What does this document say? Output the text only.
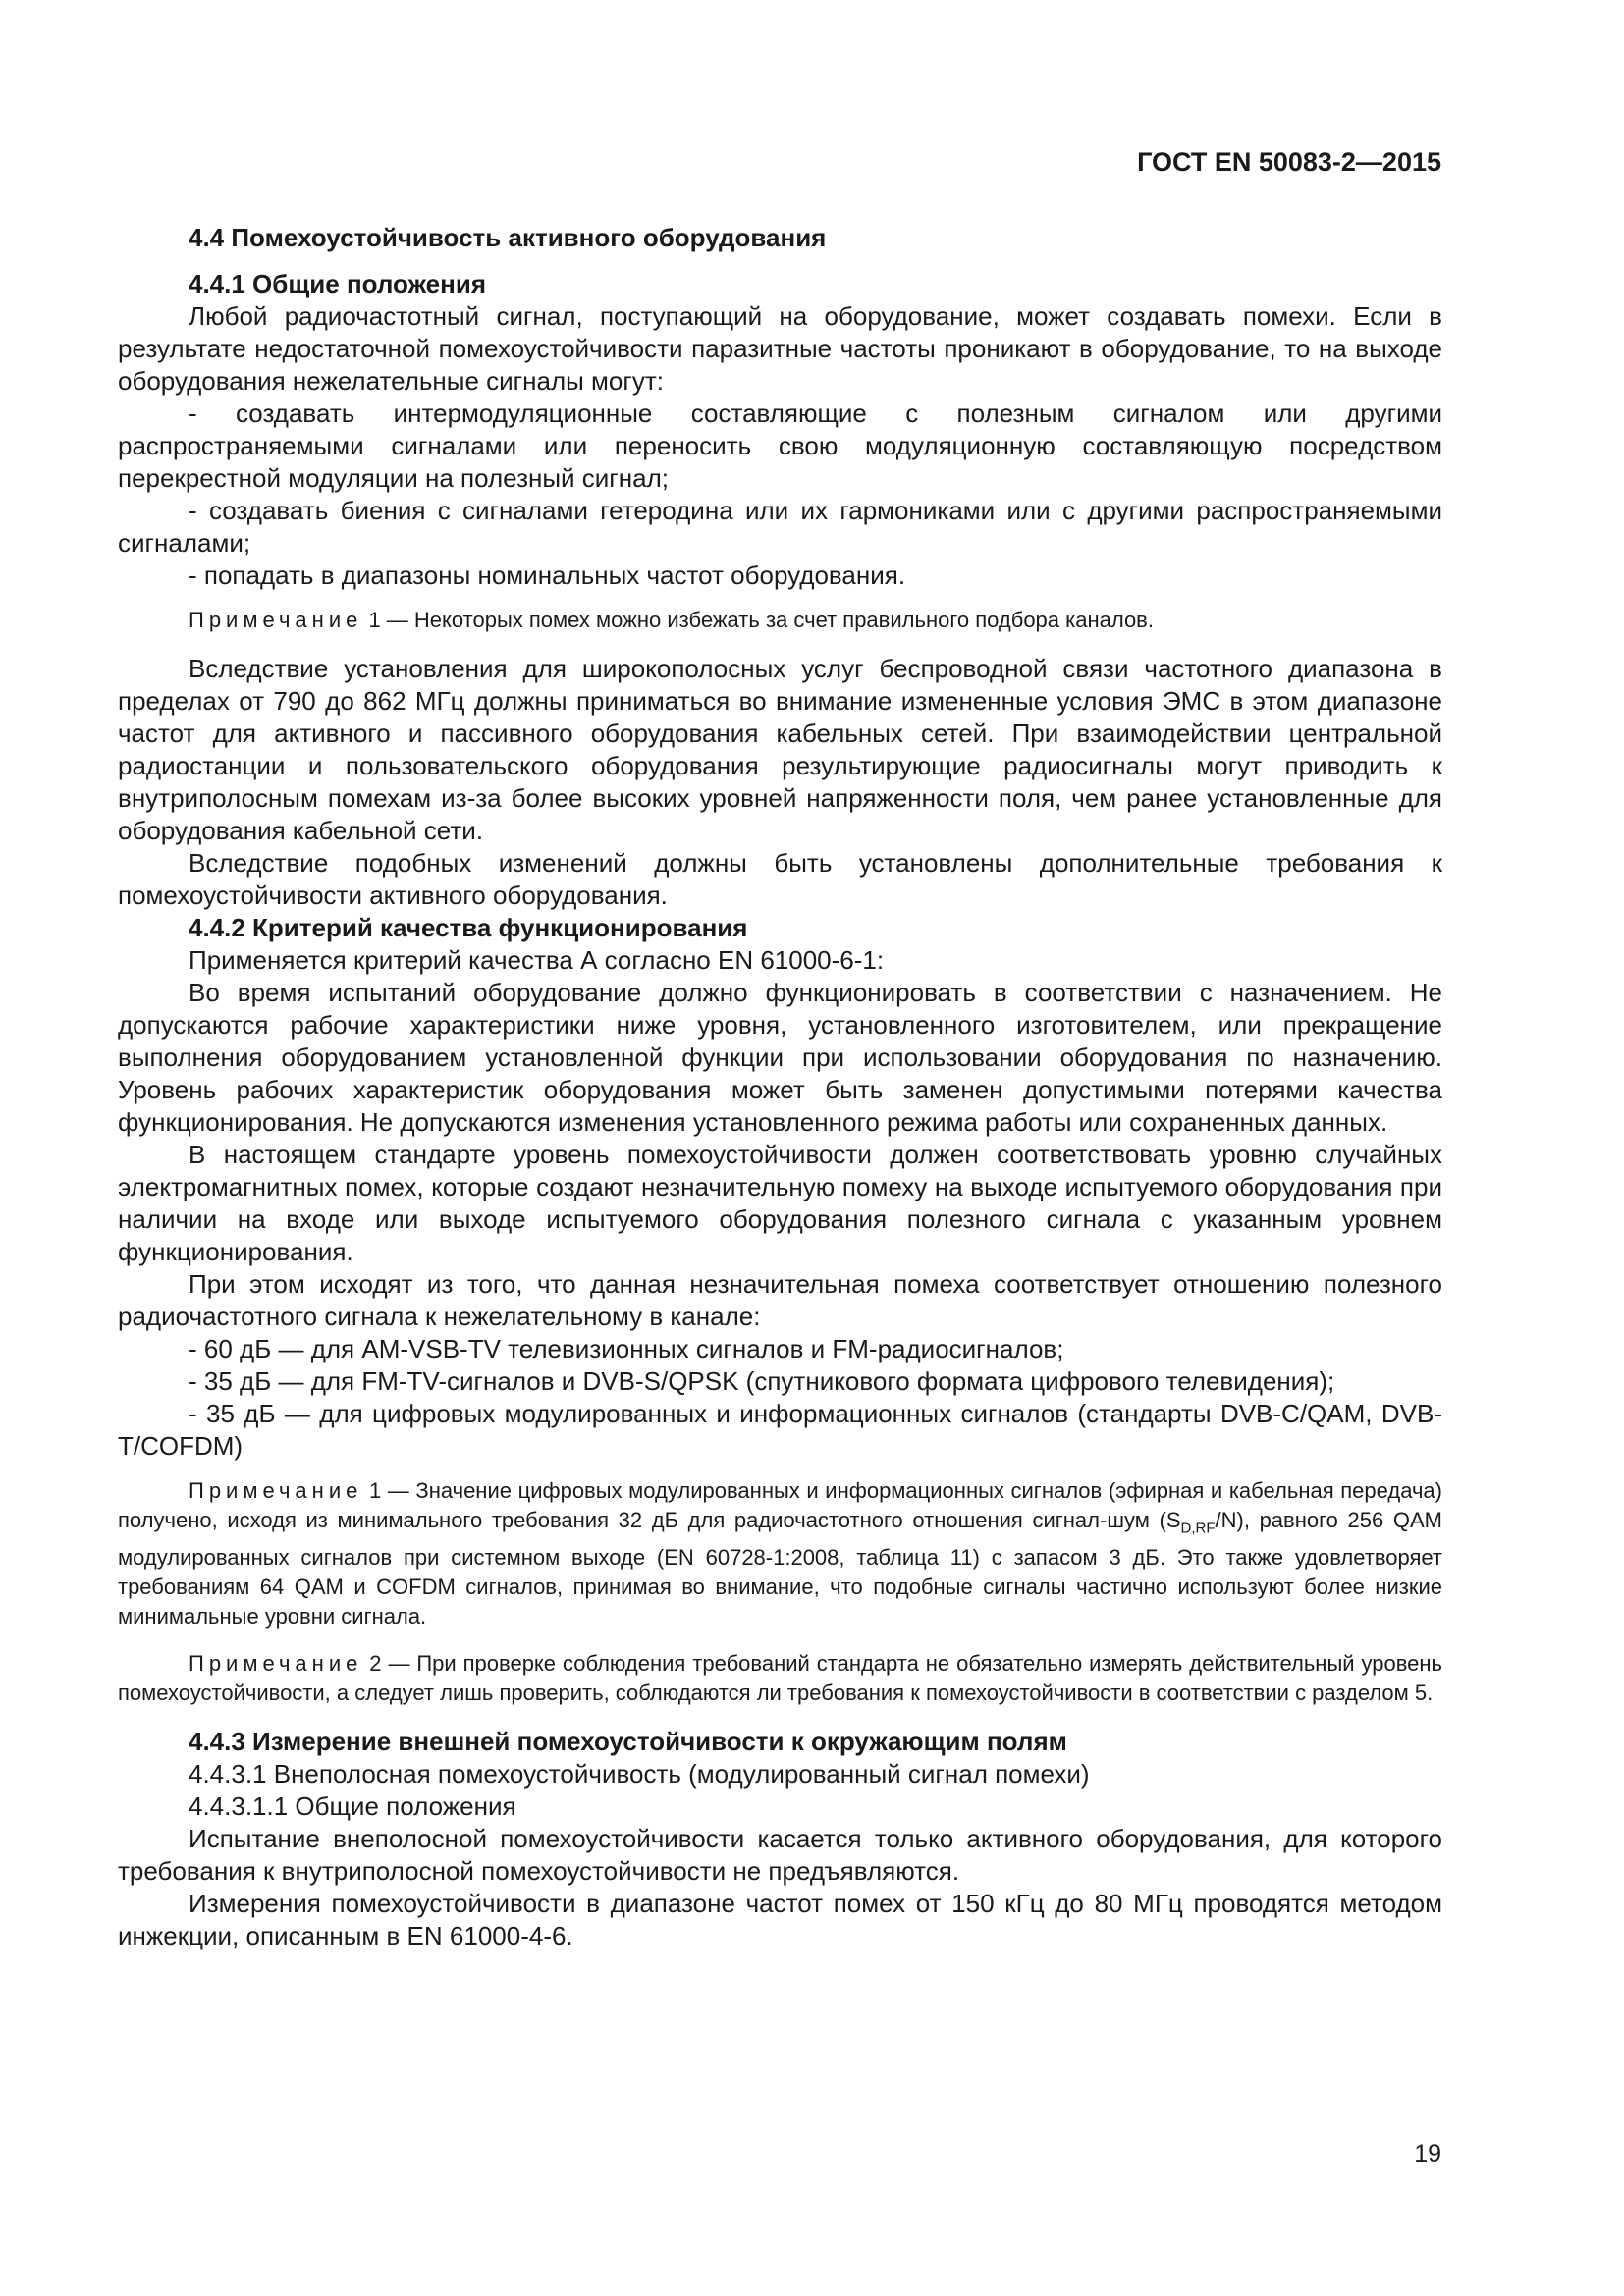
ГОСТ EN 50083-2—2015

4.4 Помехоустойчивость активного оборудования

4.4.1 Общие положения

Любой радиочастотный сигнал, поступающий на оборудование, может создавать помехи. Если в результате недостаточной помехоустойчивости паразитные частоты проникают в оборудование, то на выходе оборудования нежелательные сигналы могут:

- создавать интермодуляционные составляющие с полезным сигналом или другими распространяемыми сигналами или переносить свою модуляционную составляющую посредством перекрестной модуляции на полезный сигнал;

- создавать биения с сигналами гетеродина или их гармониками или с другими распространяемыми сигналами;

- попадать в диапазоны номинальных частот оборудования.

Примечание 1 — Некоторых помех можно избежать за счет правильного подбора каналов.

Вследствие установления для широкополосных услуг беспроводной связи частотного диапазона в пределах от 790 до 862 МГц должны приниматься во внимание измененные условия ЭМС в этом диапазоне частот для активного и пассивного оборудования кабельных сетей. При взаимодействии центральной радиостанции и пользовательского оборудования результирующие радиосигналы могут приводить к внутриполосным помехам из-за более высоких уровней напряженности поля, чем ранее установленные для оборудования кабельной сети.

Вследствие подобных изменений должны быть установлены дополнительные требования к помехоустойчивости активного оборудования.

4.4.2 Критерий качества функционирования

Применяется критерий качества А согласно EN 61000-6-1:

Во время испытаний оборудование должно функционировать в соответствии с назначением. Не допускаются рабочие характеристики ниже уровня, установленного изготовителем, или прекращение выполнения оборудованием установленной функции при использовании оборудования по назначению. Уровень рабочих характеристик оборудования может быть заменен допустимыми потерями качества функционирования. Не допускаются изменения установленного режима работы или сохраненных данных.

В настоящем стандарте уровень помехоустойчивости должен соответствовать уровню случайных электромагнитных помех, которые создают незначительную помеху на выходе испытуемого оборудования при наличии на входе или выходе испытуемого оборудования полезного сигнала с указанным уровнем функционирования.

При этом исходят из того, что данная незначительная помеха соответствует отношению полезного радиочастотного сигнала к нежелательному в канале:

- 60 дБ — для AM-VSB-TV телевизионных сигналов и FM-радиосигналов;

- 35 дБ — для FM-TV-сигналов и DVB-S/QPSK (спутникового формата цифрового телевидения);

- 35 дБ — для цифровых модулированных и информационных сигналов (стандарты DVB-C/QAM, DVB-T/COFDM)

Примечание 1 — Значение цифровых модулированных и информационных сигналов (эфирная и кабельная передача) получено, исходя из минимального требования 32 дБ для радиочастотного отношения сигнал-шум $(S_{D,RF}/N)$, равного 256 QAM модулированных сигналов при системном выходе (EN 60728-1:2008, таблица 11) с запасом 3 дБ. Это также удовлетворяет требованиям 64 QAM и COFDM сигналов, принимая во внимание, что подобные сигналы частично используют более низкие минимальные уровни сигнала.

Примечание 2 — При проверке соблюдения требований стандарта не обязательно измерять действительный уровень помехоустойчивости, а следует лишь проверить, соблюдаются ли требования к помехоустойчивости в соответствии с разделом 5.

4.4.3 Измерение внешней помехоустойчивости к окружающим полям

4.4.3.1 Внеполосная помехоустойчивость (модулированный сигнал помехи)

4.4.3.1.1 Общие положения

Испытание внеполосной помехоустойчивости касается только активного оборудования, для которого требования к внутриполосной помехоустойчивости не предъявляются.

Измерения помехоустойчивости в диапазоне частот помех от 150 кГц до 80 МГц проводятся методом инжекции, описанным в EN 61000-4-6.

19
